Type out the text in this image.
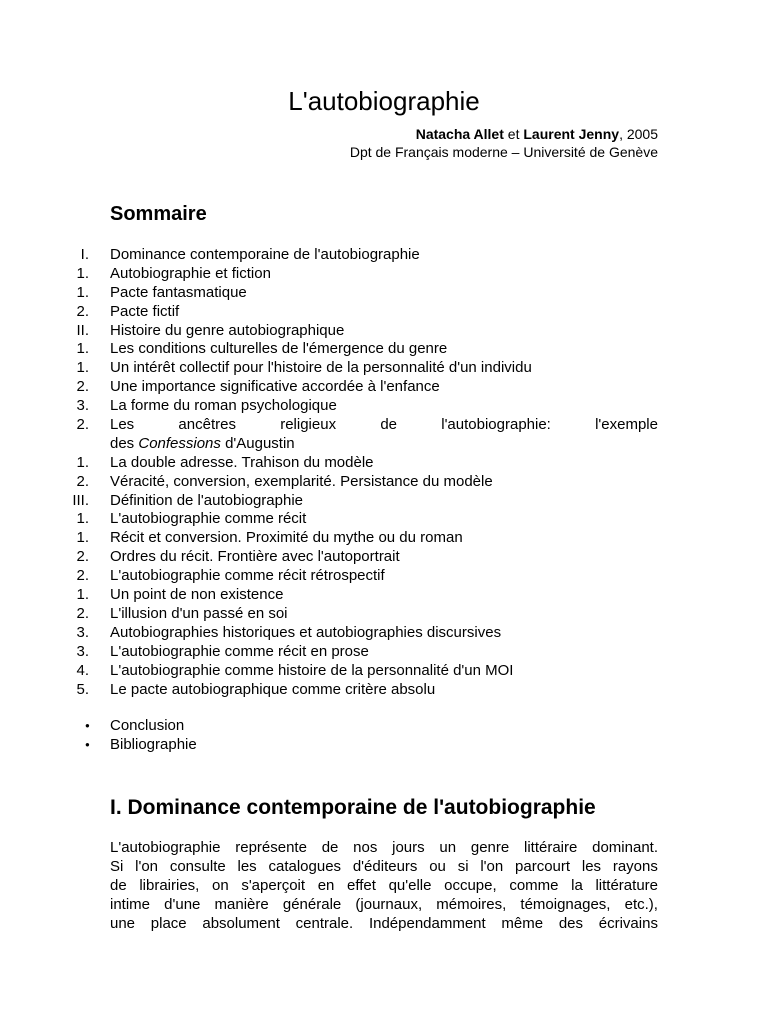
L'autobiographie
Natacha Allet et Laurent Jenny, 2005
Dpt de Français moderne – Université de Genève
Sommaire
I. Dominance contemporaine de l'autobiographie
1. Autobiographie et fiction
1. Pacte fantasmatique
2. Pacte fictif
II. Histoire du genre autobiographique
1. Les conditions culturelles de l'émergence du genre
1. Un intérêt collectif pour l'histoire de la personnalité d'un individu
2. Une importance significative accordée à l'enfance
3. La forme du roman psychologique
2. Les	ancêtres	religieux	de	l'autobiographie:	l'exemple
des Confessions d'Augustin
1. La double adresse. Trahison du modèle
2. Véracité, conversion, exemplarité. Persistance du modèle
III. Définition de l'autobiographie
1. L'autobiographie comme récit
1. Récit et conversion. Proximité du mythe ou du roman
2. Ordres du récit. Frontière avec l'autoportrait
2. L'autobiographie comme récit rétrospectif
1. Un point de non existence
2. L'illusion d'un passé en soi
3. Autobiographies historiques et autobiographies discursives
3. L'autobiographie comme récit en prose
4. L'autobiographie comme histoire de la personnalité d'un MOI
5. Le pacte autobiographique comme critère absolu
● Conclusion
● Bibliographie
I. Dominance contemporaine de l'autobiographie
L'autobiographie représente de nos jours un genre littéraire dominant.
Si l'on consulte les catalogues d'éditeurs ou si l'on parcourt les rayons
de librairies, on s'aperçoit en effet qu'elle occupe, comme la littérature
intime d'une manière générale (journaux, mémoires, témoignages, etc.),
une place absolument centrale. Indépendamment même des écrivains
